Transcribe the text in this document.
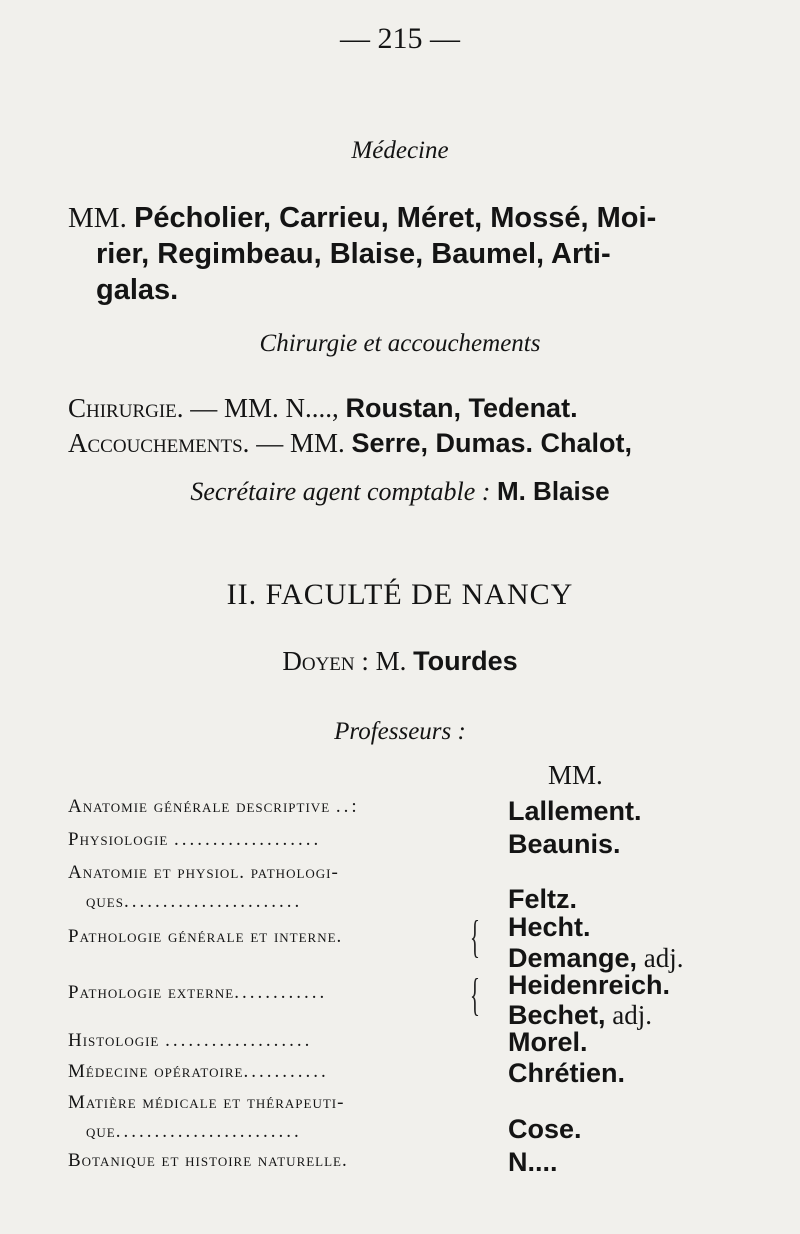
— 215 —
Médecine
MM. Pécholier, Carrieu, Méret, Mossé, Moi-
rier, Regimbeau, Blaise, Baumel, Arti-
galas.
Chirurgie et accouchements
Chirurgie. — MM. N...., Roustan, Tedenat.
Accouchements. — MM. Serre, Dumas. Chalot,
Secrétaire agent comptable : M. Blaise
II. FACULTÉ DE NANCY
Doyen : M. Tourdes
Professeurs :
MM.
Anatomie générale descriptive ..:	Lallement.
Physiologie ...................	Beaunis.
Anatomie et physiol. pathologi-
ques.......................	Feltz.
Pathologie générale et interne.	{ Hecht.
Demange, adj.
Pathologie externe............	{ Heidenreich.
Bechet, adj.
Histologie ...................	Morel.
Médecine opératoire...........	Chrétien.
Matière médicale et thérapeuti-
que........................	Cose.
Botanique et histoire naturelle.	N....
